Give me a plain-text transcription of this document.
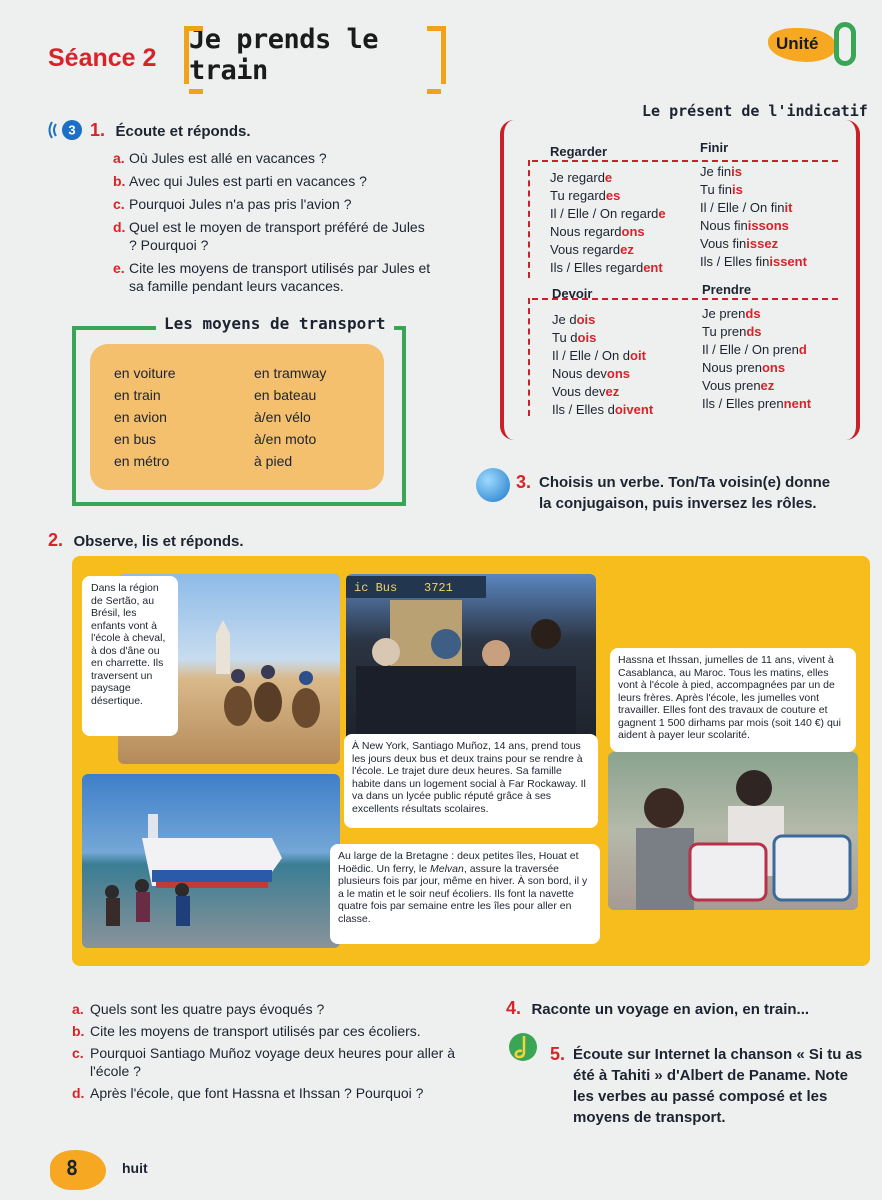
Séance 2
Je prends le train
Unité
3 1. Écoute et réponds.
a. Où Jules est allé en vacances ?
b. Avec qui Jules est parti en vacances ?
c. Pourquoi Jules n'a pas pris l'avion ?
d. Quel est le moyen de transport préféré de Jules ? Pourquoi ?
e. Cite les moyens de transport utilisés par Jules et sa famille pendant leurs vacances.
Les moyens de transport
en voiture
en train
en avion
en bus
en métro
en tramway
en bateau
à/en vélo
à/en moto
à pied
Le présent de l'indicatif
Regarder
Je regarde
Tu regardes
Il / Elle / On regarde
Nous regardons
Vous regardez
Ils / Elles regardent
Finir
Je finis
Tu finis
Il / Elle / On finit
Nous finissons
Vous finissez
Ils / Elles finissent
Devoir
Je dois
Tu dois
Il / Elle / On doit
Nous devons
Vous devez
Ils / Elles doivent
Prendre
Je prends
Tu prends
Il / Elle / On prend
Nous prenons
Vous prenez
Ils / Elles prennent
3. Choisis un verbe. Ton/Ta voisin(e) donne
la conjugaison, puis inversez les rôles.
2. Observe, lis et réponds.
Dans la région de Sertão, au Brésil, les enfants vont à l'école à cheval, à dos d'âne ou en charrette. Ils traversent un paysage désertique.
ic Bus 3721
À New York, Santiago Muñoz, 14 ans, prend tous les jours deux bus et deux trains pour se rendre à l'école. Le trajet dure deux heures. Sa famille habite dans un logement social à Far Rockaway. Il va dans un lycée public réputé grâce à ses excellents résultats scolaires.
Hassna et Ihssan, jumelles de 11 ans, vivent à Casablanca, au Maroc. Tous les matins, elles vont à l'école à pied, accompagnées par un de leurs frères. Après l'école, les jumelles vont travailler. Elles font des travaux de couture et gagnent 1 500 dirhams par mois (soit 140 €) qui aident à payer leur scolarité.
Au large de la Bretagne : deux petites îles, Houat et Hoëdic. Un ferry, le Melvan, assure la traversée plusieurs fois par jour, même en hiver. À son bord, il y a le matin et le soir neuf écoliers. Ils font la navette quatre fois par semaine entre les îles pour aller en classe.
a. Quels sont les quatre pays évoqués ?
b. Cite les moyens de transport utilisés par ces écoliers.
c. Pourquoi Santiago Muñoz voyage deux heures pour aller à l'école ?
d. Après l'école, que font Hassna et Ihssan ? Pourquoi ?
4. Raconte un voyage en avion, en train...
5. Écoute sur Internet la chanson « Si tu as été à Tahiti » d'Albert de Paname. Note les verbes au passé composé et les moyens de transport.
8	huit
